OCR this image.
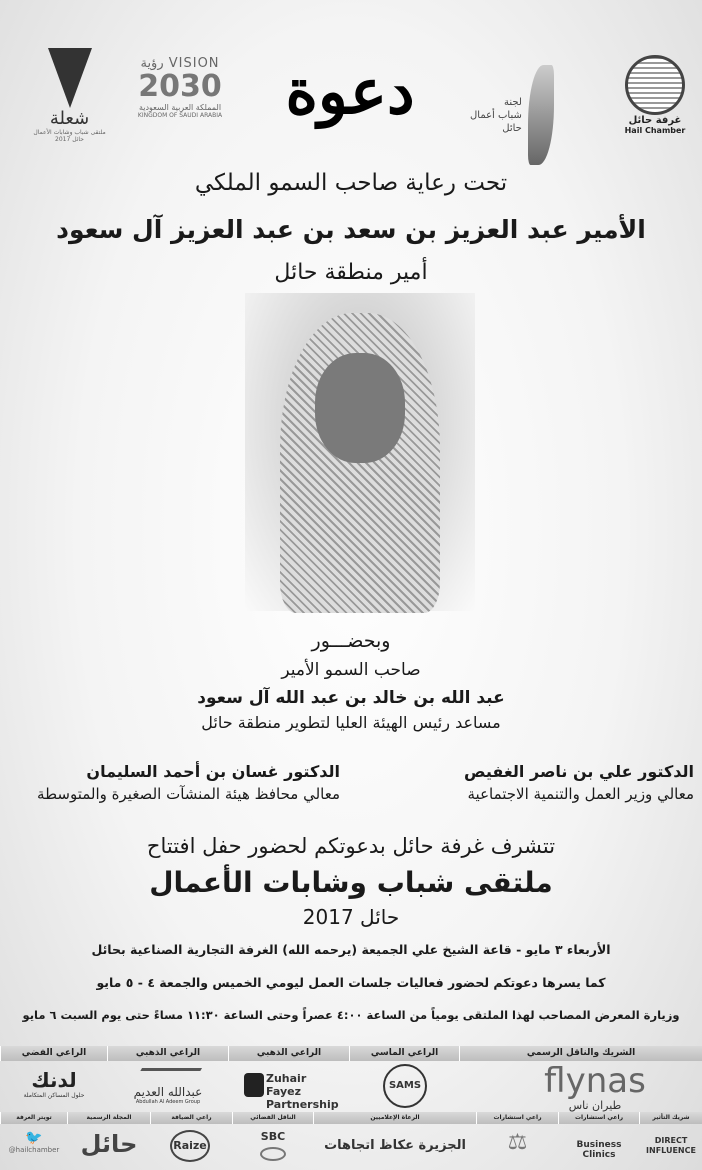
شعلة
ملتقى شباب وشابات الأعمال
حائل 2017
VISION رؤية
2030
المملكة العربية السعودية
KINGDOM OF SAUDI ARABIA دعوة	لجنة
شباب أعمال
حائل
غرفة حائل
Hail Chamber
تحت رعاية صاحب السمو الملكي
الأمير عبد العزيز بن سعد بن عبد العزيز آل سعود
أمير منطقة حائل
وبحضـــور
صاحب السمو الأمير
عبد الله بن خالد بن عبد الله آل سعود
مساعد رئيس الهيئة العليا لتطوير منطقة حائل
الدكتور علي بن ناصر الغفيص
معالي وزير العمل والتنمية الاجتماعية
الدكتور غسان بن أحمد السليمان
معالي محافظ هيئة المنشآت الصغيرة والمتوسطة
تتشرف غرفة حائل بدعوتكم لحضور حفل افتتاح
ملتقى شباب وشابات الأعمال
حائل 2017
الأربعاء ٣ مايو - قاعة الشيخ علي الجميعة (يرحمه الله) الغرفة التجارية الصناعية بحائل
كما يسرها دعوتكم لحضور فعاليات جلسات العمل ليومي الخميس والجمعة ٤ - ٥ مايو
وزيارة المعرض المصاحب لهذا الملتقى يومياً من الساعة ٤:٠٠ عصراً وحتى الساعة ١١:٣٠ مساءً حتى يوم السبت ٦ مايو
الشريك والناقل الرسمي
الراعي الماسي
الراعي الذهبي
الراعي الذهبي
الراعي الفضي
flynas
طيران ناس
SAMS
Zuhair Fayez Partnership
عبدالله العديم
Abdullah Al Adeem Group
لدنك
حلول المساكن المتكاملة
شريك التأثير
راعي استشارات
راعي استشارات
الرعاة الإعلاميين
الناقل الفضائي
راعي الضيافة
المجلة الرسمية
تويتر الغرفة
DIRECT INFLUENCE
Business Clinics
⚖
الجزيرة عكاظ اتجاهات
SBC
Raize
حائل
🐦
@hailchamber
